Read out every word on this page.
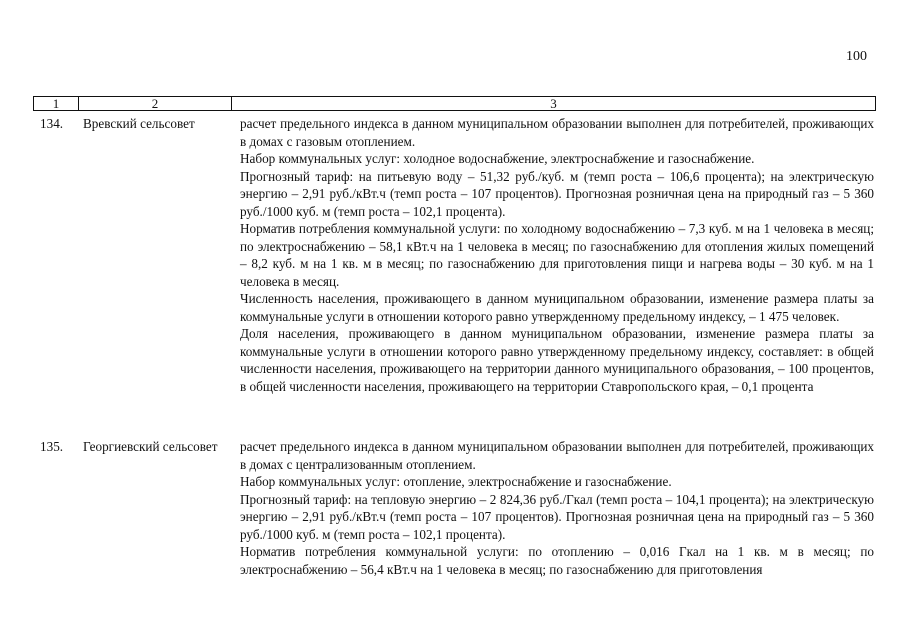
100
1	2	3
134. Вревский сельсовет	расчет предельного индекса в данном муниципальном образовании выполнен для потребителей, проживающих в домах с газовым отоплением.

Набор коммунальных услуг: холодное водоснабжение, электроснабжение и газоснабжение.

Прогнозный тариф: на питьевую воду – 51,32 руб./куб. м (темп роста – 106,6 процента); на электрическую энергию – 2,91 руб./кВт.ч (темп роста – 107 процентов). Прогнозная розничная цена на природный газ – 5 360 руб./1000 куб. м (темп роста – 102,1 процента).

Норматив потребления коммунальной услуги: по холодному водоснабжению – 7,3 куб. м на 1 человека в месяц; по электроснабжению – 58,1 кВт.ч на 1 человека в месяц; по газоснабжению для отопления жилых помещений – 8,2 куб. м на 1 кв. м в месяц; по газоснабжению для приготовления пищи и нагрева воды – 30 куб. м на 1 человека в месяц.

Численность населения, проживающего в данном муниципальном образовании, изменение размера платы за коммунальные услуги в отношении которого равно утвержденному предельному индексу, – 1 475 человек.

Доля населения, проживающего в данном муниципальном образовании, изменение размера платы за коммунальные услуги в отношении которого равно утвержденному предельному индексу, составляет: в общей численности населения, проживающего на территории данного муниципального образования, – 100 процентов, в общей численности населения, проживающего на территории Ставропольского края, – 0,1 процента

135. Георгиевский сельсовет	расчет предельного индекса в данном муниципальном образовании выполнен для потребителей, проживающих в домах с централизованным отоплением.

Набор коммунальных услуг: отопление, электроснабжение и газоснабжение.

Прогнозный тариф: на тепловую энергию – 2 824,36 руб./Гкал (темп роста – 104,1 процента); на электрическую энергию – 2,91 руб./кВт.ч (темп роста – 107 процентов). Прогнозная розничная цена на природный газ – 5 360 руб./1000 куб. м (темп роста – 102,1 процента).

Норматив потребления коммунальной услуги: по отоплению – 0,016 Гкал на 1 кв. м в месяц; по электроснабжению – 56,4 кВт.ч на 1 человека в месяц; по газоснабжению для приготовления
